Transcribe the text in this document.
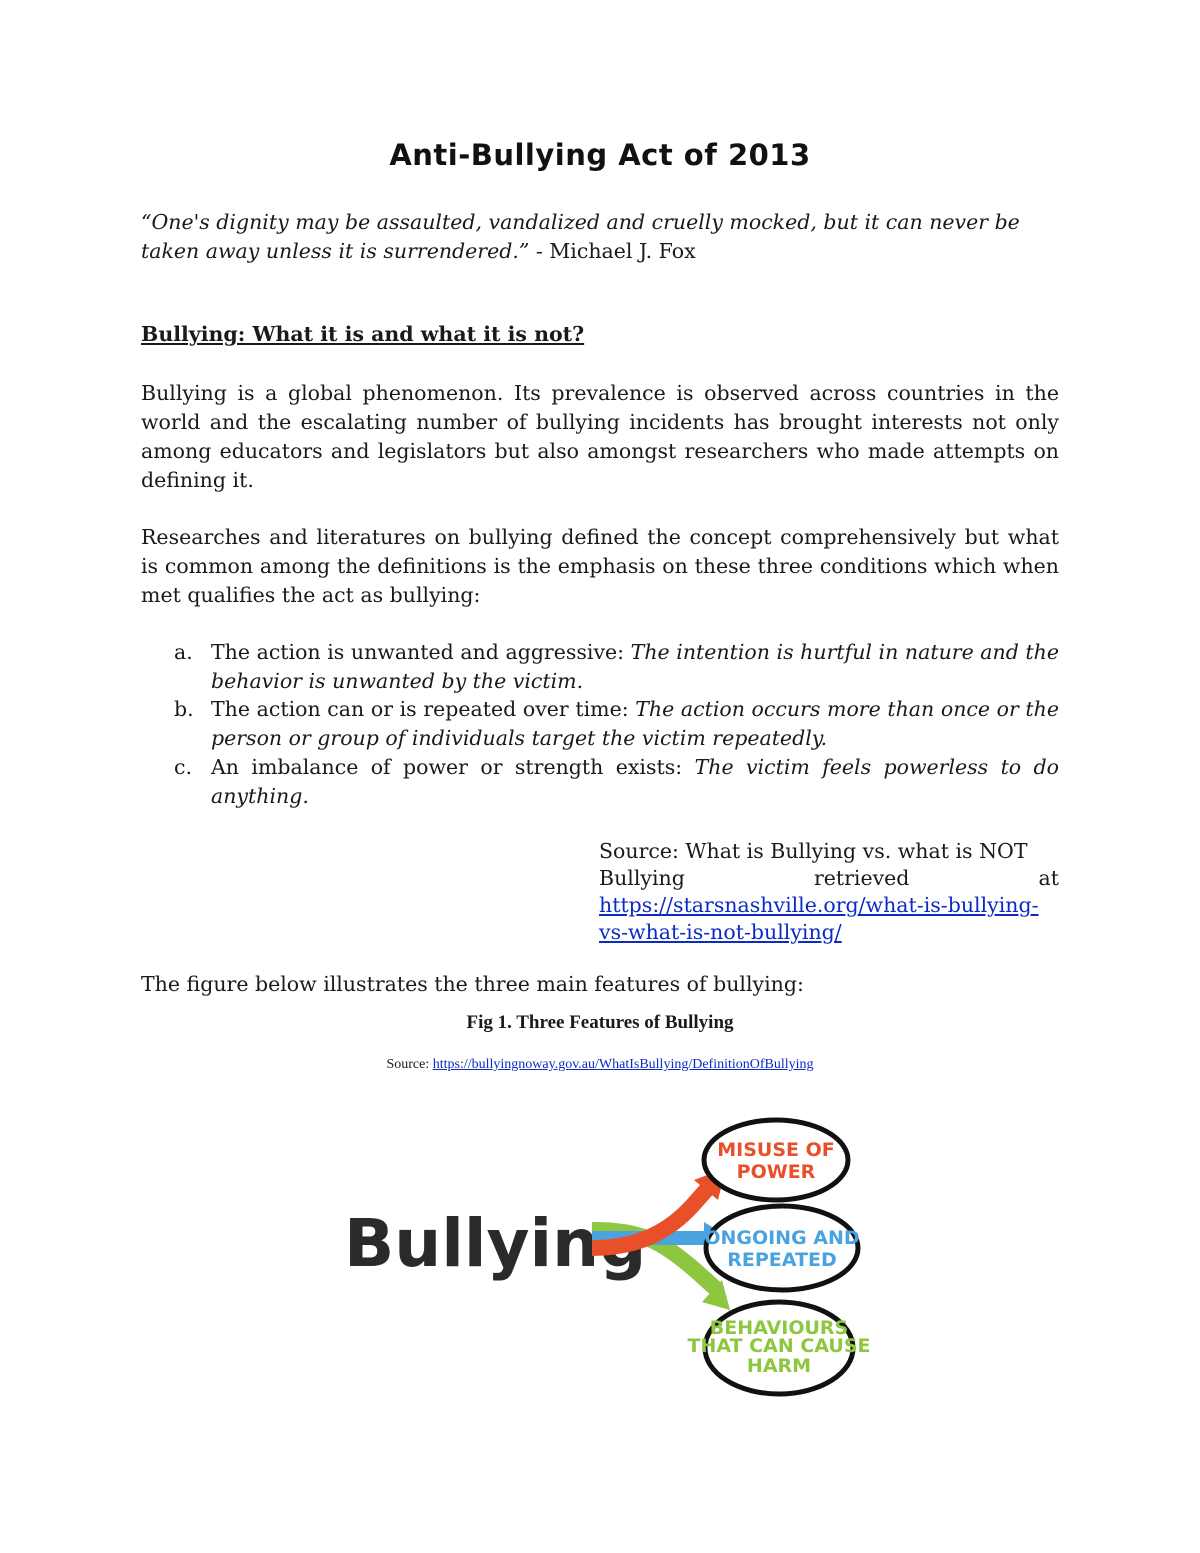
Anti-Bullying Act of 2013
“One's dignity may be assaulted, vandalized and cruelly mocked, but it can never be taken away unless it is surrendered.” - Michael J. Fox
Bullying: What it is and what it is not?
Bullying is a global phenomenon. Its prevalence is observed across countries in the world and the escalating number of bullying incidents has brought interests not only among educators and legislators but also amongst researchers who made attempts on defining it.
Researches and literatures on bullying defined the concept comprehensively but what is common among the definitions is the emphasis on these three conditions which when met qualifies the act as bullying:
a. The action is unwanted and aggressive: The intention is hurtful in nature and the behavior is unwanted by the victim.
b. The action can or is repeated over time: The action occurs more than once or the person or group of individuals target the victim repeatedly.
c. An imbalance of power or strength exists: The victim feels powerless to do anything.
Source: What is Bullying vs. what is NOT
Bullying	retrieved	at
https://starsnashville.org/what-is-bullying-
vs-what-is-not-bullying/
The figure below illustrates the three main features of bullying:
Fig 1. Three Features of Bullying
Source: https://bullyingnoway.gov.au/WhatIsBullying/DefinitionOfBullying
Bullying
MISUSE OF
POWER
ONGOING AND
REPEATED
BEHAVIOURS
THAT CAN CAUSE
HARM
